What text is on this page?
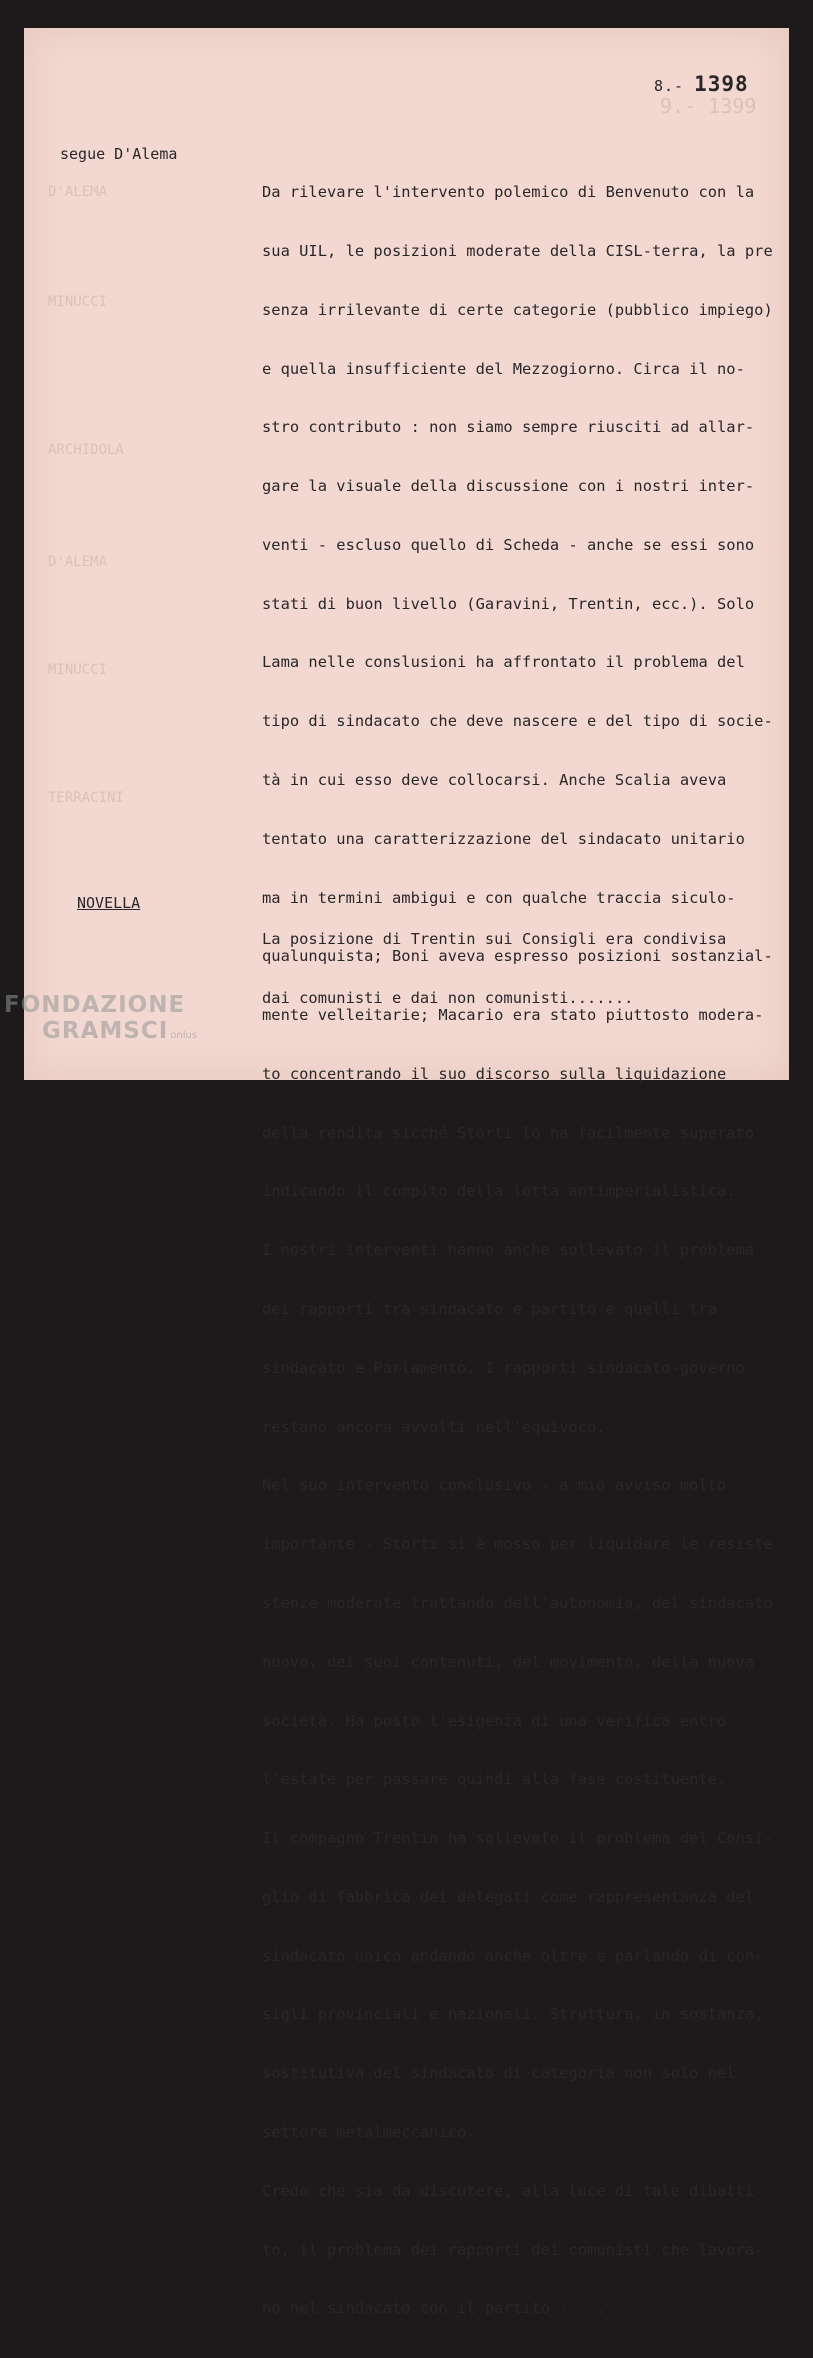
9.- 1399
D'ALEMA
MINUCCI
ARCHIDOLA
D'ALEMA
MINUCCI
TERRACINI
8.- 1398
segue D'Alema

Da rilevare l'intervento polemico di Benvenuto con la

sua UIL, le posizioni moderate della CISL-terra, la pre

senza irrilevante di certe categorie (pubblico impiego)

e quella insufficiente del Mezzogiorno. Circa il no-

stro contributo : non siamo sempre riusciti ad allar-

gare la visuale della discussione con i nostri inter-

venti - escluso quello di Scheda - anche se essi sono

stati di buon livello (Garavini, Trentin, ecc.). Solo

Lama nelle conslusioni ha affrontato il problema del

tipo di sindacato che deve nascere e del tipo di socie-

tà in cui esso deve collocarsi. Anche Scalia aveva

tentato una caratterizzazione del sindacato unitario

ma in termini ambigui e con qualche traccia siculo-

qualunquista; Boni aveva espresso posizioni sostanzial-

mente velleitarie; Macario era stato piuttosto modera-

to concentrando il suo discorso sulla liquidazione

della rendita sicché Storti lo ha facilmente superato

indicando il compito della lotta antimperialistica.

I nostri interventi hanno anche sollevato il problema

dei rapporti tra sindacato e partito e quelli tra

sindacato e Parlamento. I rapporti sindacato-governo

restano ancora avvolti nell'equivoco.

Nel suo intervento conclusivo - a mio avviso molto

importante - Storti si è mosso per liquidare le resiste

stenze moderate trattando dell'autonomia, del sindacato

nuovo, dei suoi contenuti, del movimento, della nuova

società. Ha posto l'esigenza di una verifica entro

l'estate per passare quindi alla fase costituente.

Il compagno Trentin ha sollevato il problema del Consi-

glio di fabbrica dei delegati come rappresentanza del

sindacato unico andando anche oltre e parlando di con-

sigli provinciali e nazionali. Struttura, in sostanza,

sostitutiva del sindacato di categoria non solo nel

settore metalmeccanico.

Credo che sia da discutere, alla luce di tale dibatti-

to, il problema dei rapporti dei comunisti che lavora-

no nel sindacato con il partito......

NOVELLA

La posizione di Trentin sui Consigli era condivisa

dai comunisti e dai non comunisti.......

FONDAZIONE
GRAMSCI onlus
